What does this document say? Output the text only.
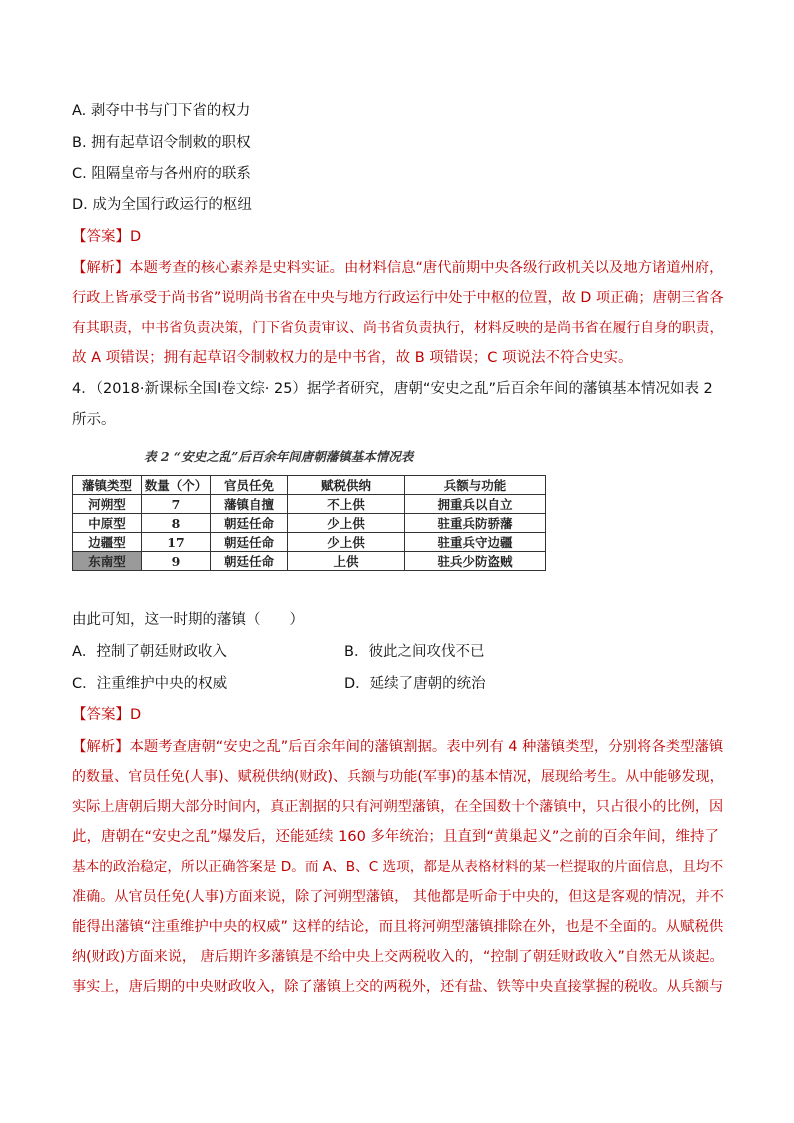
A. 剥夺中书与门下省的权力
B. 拥有起草诏令制敕的职权
C. 阻隔皇帝与各州府的联系
D. 成为全国行政运行的枢纽
【答案】D
【解析】本题考查的核心素养是史料实证。由材料信息“唐代前期中央各级行政机关以及地方诸道州府，
行政上皆承受于尚书省”说明尚书省在中央与地方行政运行中处于中枢的位置，故 D 项正确；唐朝三省各
有其职责，中书省负责决策，门下省负责审议、尚书省负责执行，材料反映的是尚书省在履行自身的职责，
故 A 项错误；拥有起草诏令制敕权力的是中书省，故 B 项错误；C 项说法不符合史实。
4．（2018·新课标全国Ⅰ卷文综· 25）据学者研究，唐朝“安史之乱”后百余年间的藩镇基本情况如表 2
所示。
表 2 “安史之乱”后百余年间唐朝藩镇基本情况表
藩镇类型	数量（个）	官员任免	赋税供纳	兵额与功能
河朔型	7	藩镇自擅	不上供	拥重兵以自立
中原型	8	朝廷任命	少上供	驻重兵防骄藩
边疆型	17	朝廷任命	少上供	驻重兵守边疆
东南型	9	朝廷任命	上供	驻兵少防盗贼
由此可知，这一时期的藩镇（　　）
A．控制了朝廷财政收入	B．彼此之间攻伐不已
C．注重维护中央的权威	D．延续了唐朝的统治
【答案】D
【解析】本题考查唐朝“安史之乱”后百余年间的藩镇割据。表中列有 4 种藩镇类型，分别将各类型藩镇
的数量、官员任免(人事)、赋税供纳(财政)、兵额与功能(军事)的基本情况，展现给考生。从中能够发现，
实际上唐朝后期大部分时间内，真正割据的只有河朔型藩镇，在全国数十个藩镇中，只占很小的比例，因
此，唐朝在“安史之乱”爆发后，还能延续 160 多年统治；且直到“黄巢起义”之前的百余年间，维持了
基本的政治稳定，所以正确答案是 D。而 A、B、C 选项，都是从表格材料的某一栏提取的片面信息，且均不
准确。从官员任免(人事)方面来说，除了河朔型藩镇， 其他都是听命于中央的，但这是客观的情况，并不
能得出藩镇“注重维护中央的权威” 这样的结论，而且将河朔型藩镇排除在外，也是不全面的。从赋税供
纳(财政)方面来说， 唐后期许多藩镇是不给中央上交两税收入的，“控制了朝廷财政收入”自然无从谈起。
事实上，唐后期的中央财政收入，除了藩镇上交的两税外，还有盐、铁等中央直接掌握的税收。从兵额与
